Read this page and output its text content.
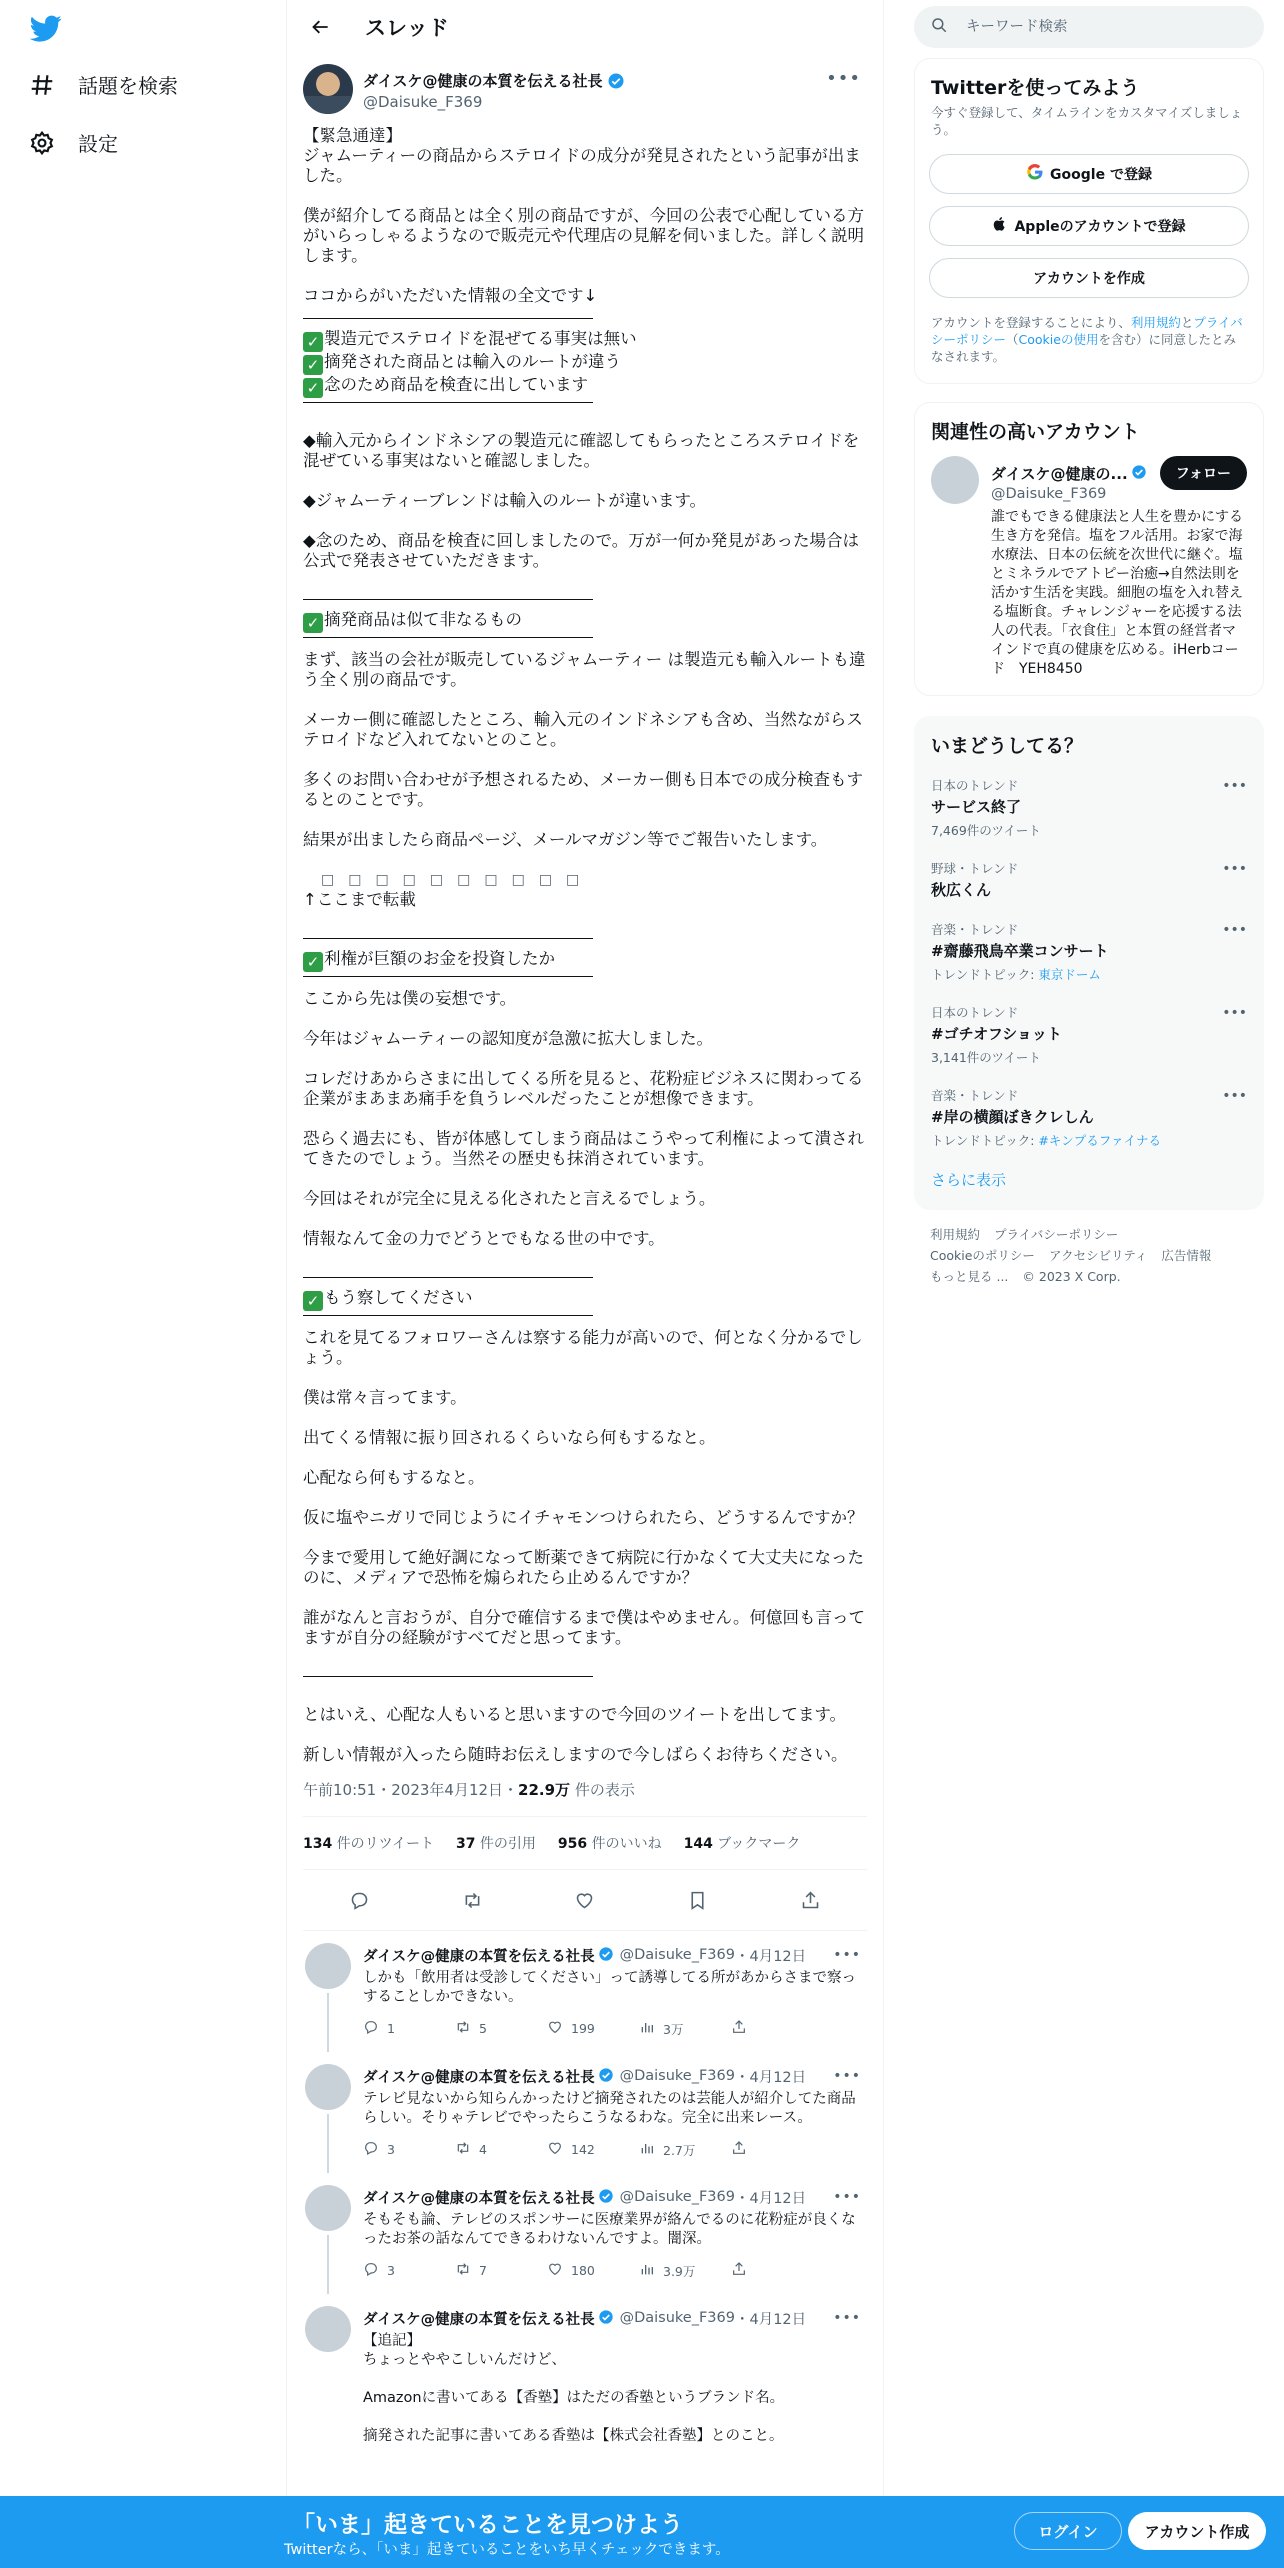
話題を検索
設定
スレッド
ダイスケ@健康の本質を伝える社長
@Daisuke_F369
•••

【緊急通達】
ジャムーティーの商品からステロイドの成分が発見されたという記事が出ました。

僕が紹介してる商品とは全く別の商品ですが、今回の公表で心配している方がいらっしゃるようなので販売元や代理店の見解を伺いました。詳しく説明します。

ココからがいただいた情報の全文です↓

✓ 製造元でステロイドを混ぜてる事実は無い
✓ 摘発された商品とは輸入のルートが違う
✓ 念のため商品を検査に出しています

◆輸入元からインドネシアの製造元に確認してもらったところステロイドを混ぜている事実はないと確認しました。

◆ジャムーティーブレンドは輸入のルートが違います。

◆念のため、商品を検査に回しましたので。万が一何か発見があった場合は公式で発表させていただきます。

✓ 摘発商品は似て非なるもの

まず、該当の会社が販売しているジャムーティー は製造元も輸入ルートも違う全く別の商品です。

メーカー側に確認したところ、輸入元のインドネシアも含め、当然ながらステロイドなど入れてないとのこと。

多くのお問い合わせが予想されるため、メーカー側も日本での成分検査もするとのことです。

結果が出ましたら商品ページ、メールマガジン等でご報告いたします。

□□□□□□□□□□

↑ここまで転載

✓ 利権が巨額のお金を投資したか

ここから先は僕の妄想です。

今年はジャムーティーの認知度が急激に拡大しました。

コレだけあからさまに出してくる所を見ると、花粉症ビジネスに関わってる企業がまあまあ痛手を負うレベルだったことが想像できます。

恐らく過去にも、皆が体感してしまう商品はこうやって利権によって潰されてきたのでしょう。当然その歴史も抹消されています。

今回はそれが完全に見える化されたと言えるでしょう。

情報なんて金の力でどうとでもなる世の中です。

✓ もう察してください

これを見てるフォロワーさんは察する能力が高いので、何となく分かるでしょう。

僕は常々言ってます。

出てくる情報に振り回されるくらいなら何もするなと。

心配なら何もするなと。

仮に塩やニガリで同じようにイチャモンつけられたら、どうするんですか？

今まで愛用して絶好調になって断薬できて病院に行かなくて大丈夫になったのに、メディアで恐怖を煽られたら止めるんですか？

誰がなんと言おうが、自分で確信するまで僕はやめません。何億回も言ってますが自分の経験がすべてだと思ってます。

とはいえ、心配な人もいると思いますので今回のツイートを出してます。

新しい情報が入ったら随時お伝えしますので今しばらくお待ちください。

午前10:51・2023年4月12日・22.9万 件の表示
134 件のリツイート 37 件の引用 956 件のいいね 144 ブックマーク
ダイスケ@健康の本質を伝える社長 @Daisuke_F369 ・4月12日	•••
しかも「飲用者は受診してください」って誘導してる所があからさまで察っすることしかできない。
1	5	199	3万
ダイスケ@健康の本質を伝える社長 @Daisuke_F369 ・4月12日	•••
テレビ見ないから知らんかったけど摘発されたのは芸能人が紹介してた商品らしい。そりゃテレビでやったらこうなるわな。完全に出来レース。
3	4	142	2.7万
ダイスケ@健康の本質を伝える社長 @Daisuke_F369 ・4月12日	•••
そもそも論、テレビのスポンサーに医療業界が絡んでるのに花粉症が良くなったお茶の話なんてできるわけないんですよ。闇深。
3	7	180	3.9万
ダイスケ@健康の本質を伝える社長 @Daisuke_F369 ・4月12日	•••
【追記】
ちょっとややこしいんだけど、

Amazonに書いてある【香塾】はただの香塾というブランド名。

摘発された記事に書いてある香塾は【株式会社香塾】とのこと。
キーワード検索
Twitterを使ってみよう
今すぐ登録して、タイムラインをカスタマイズしましょう。
Google で登録
Appleのアカウントで登録
アカウントを作成
アカウントを登録することにより、利用規約とプライバシーポリシー（Cookieの使用を含む）に同意したとみなされます。
関連性の高いアカウント
ダイスケ@健康の...	フォロー
@Daisuke_F369
誰でもできる健康法と人生を豊かにする生き方を発信。塩をフル活用。お家で海水療法、日本の伝統を次世代に継ぐ。塩とミネラルでアトピー治癒→自然法則を活かす生活を実践。細胞の塩を入れ替える塩断食。チャレンジャーを応援する法人の代表。「衣食住」と本質の経営者マインドで真の健康を広める。iHerbコード　YEH8450
いまどうしてる？
日本のトレンド
サービス終了
7,469件のツイート
•••
野球・トレンド
秋広くん
•••
音楽・トレンド
#齋藤飛鳥卒業コンサート
トレンドトピック: 東京ドーム
•••
日本のトレンド
#ゴチオフショット
3,141件のツイート
•••
音楽・トレンド
#岸の横顔ぼきクレしん
トレンドトピック: #キンプるファイナる
•••
さらに表示
利用規約 プライバシーポリシー
Cookieのポリシー アクセシビリティ 広告情報
もっと見る ... © 2023 X Corp.
「いま」起きていることを見つけよう
Twitterなら、「いま」起きていることをいち早くチェックできます。
ログイン	アカウント作成
